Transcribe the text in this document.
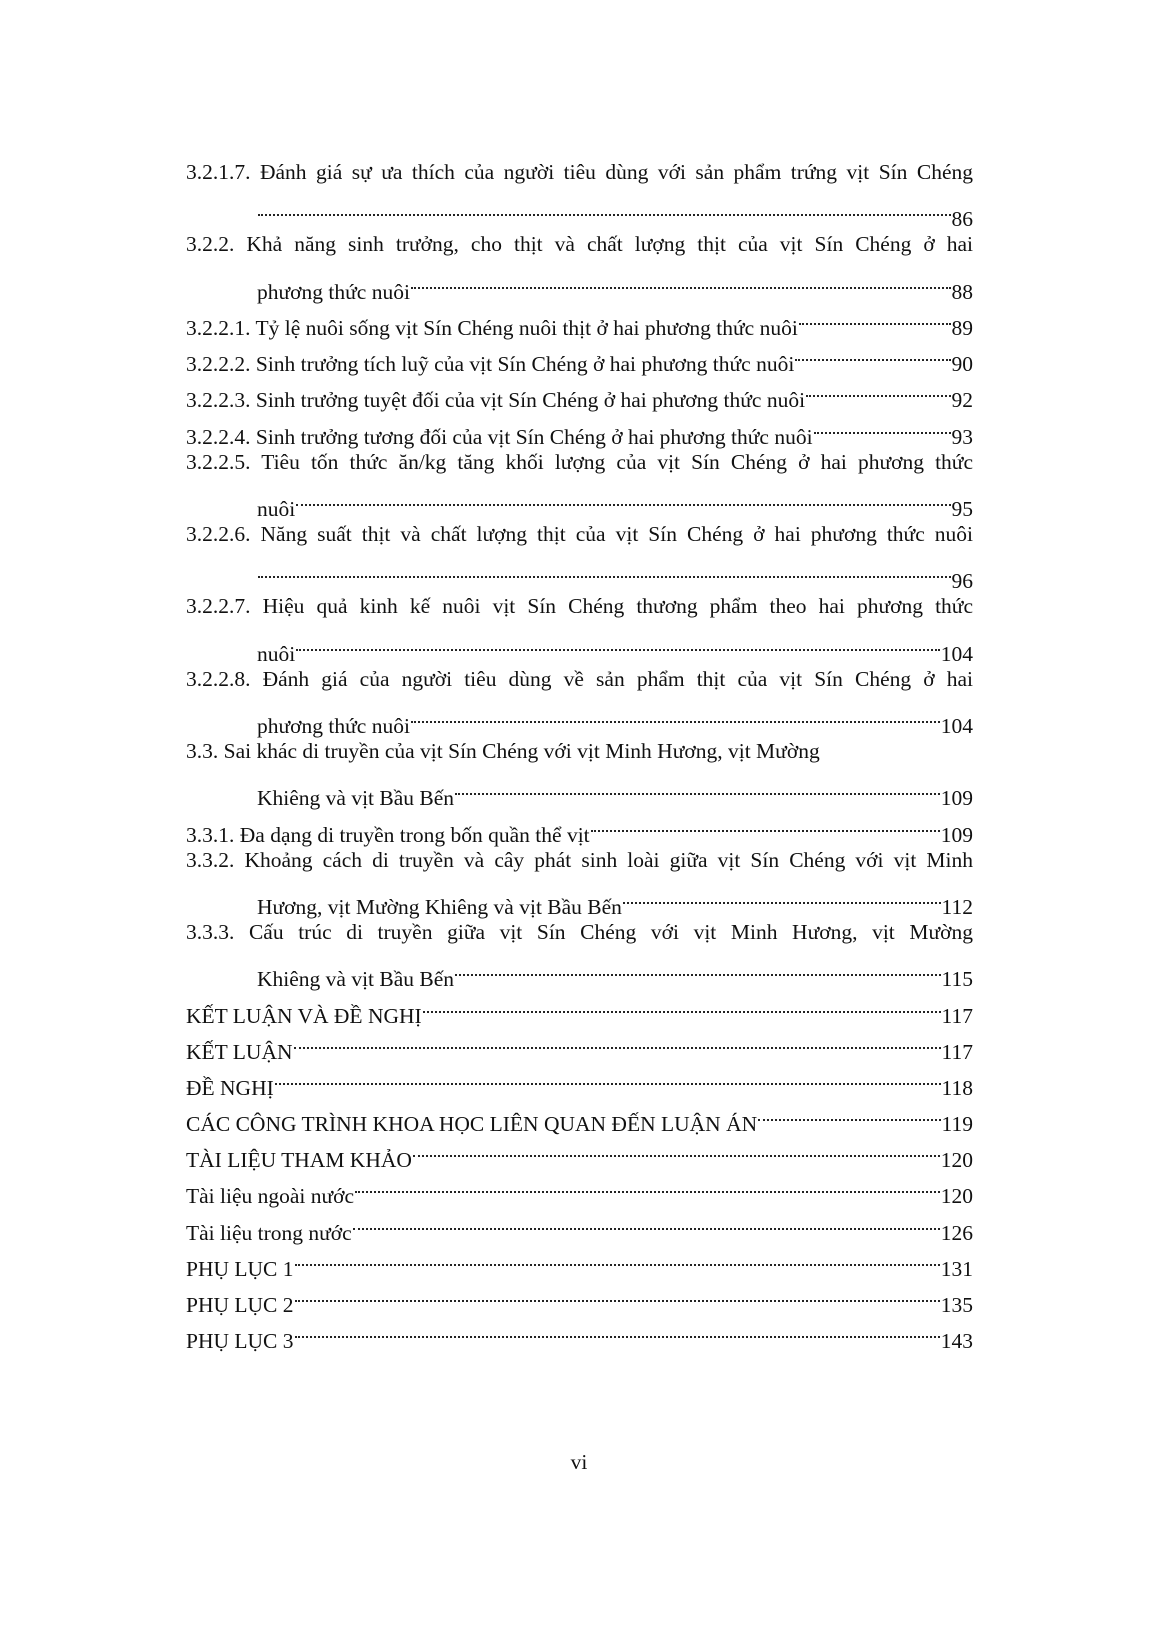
3.2.1.7. Đánh giá sự ưa thích của người tiêu dùng với sản phẩm trứng vịt Sín Chéng
86
3.2.2. Khả năng sinh trưởng, cho thịt và chất lượng thịt của vịt Sín Chéng ở hai
phương thức nuôi	88
3.2.2.1. Tỷ lệ nuôi sống vịt Sín Chéng nuôi thịt ở hai phương thức nuôi	89
3.2.2.2. Sinh trưởng tích luỹ của vịt Sín Chéng ở hai phương thức nuôi	90
3.2.2.3. Sinh trưởng tuyệt đối của vịt Sín Chéng ở hai phương thức nuôi	92
3.2.2.4. Sinh trưởng tương đối của vịt Sín Chéng ở hai phương thức nuôi	93
3.2.2.5. Tiêu tốn thức ăn/kg tăng khối lượng của vịt Sín Chéng ở hai phương thức
nuôi	95
3.2.2.6. Năng suất thịt và chất lượng thịt của vịt Sín Chéng ở hai phương thức nuôi
96
3.2.2.7. Hiệu quả kinh kế nuôi vịt Sín Chéng thương phẩm theo hai phương thức
nuôi	104
3.2.2.8. Đánh giá của người tiêu dùng về sản phẩm thịt của vịt Sín Chéng ở hai
phương thức nuôi	104
3.3. Sai khác di truyền của vịt Sín Chéng với vịt Minh Hương, vịt Mường
Khiêng và vịt Bầu Bến	109
3.3.1. Đa dạng di truyền trong bốn quần thể vịt	109
3.3.2. Khoảng cách di truyền và cây phát sinh loài giữa vịt Sín Chéng với vịt Minh
Hương, vịt Mường Khiêng và vịt Bầu Bến	112
3.3.3. Cấu trúc di truyền giữa vịt Sín Chéng với vịt Minh Hương, vịt Mường
Khiêng và vịt Bầu Bến	115
KẾT LUẬN VÀ ĐỀ NGHỊ	117
KẾT LUẬN	117
ĐỀ NGHỊ	118
CÁC CÔNG TRÌNH KHOA HỌC LIÊN QUAN ĐẾN LUẬN ÁN	119
TÀI LIỆU THAM KHẢO	120
Tài liệu ngoài nước	120
Tài liệu trong nước	126
PHỤ LỤC 1	131
PHỤ LỤC 2	135
PHỤ LỤC 3	143
vi
